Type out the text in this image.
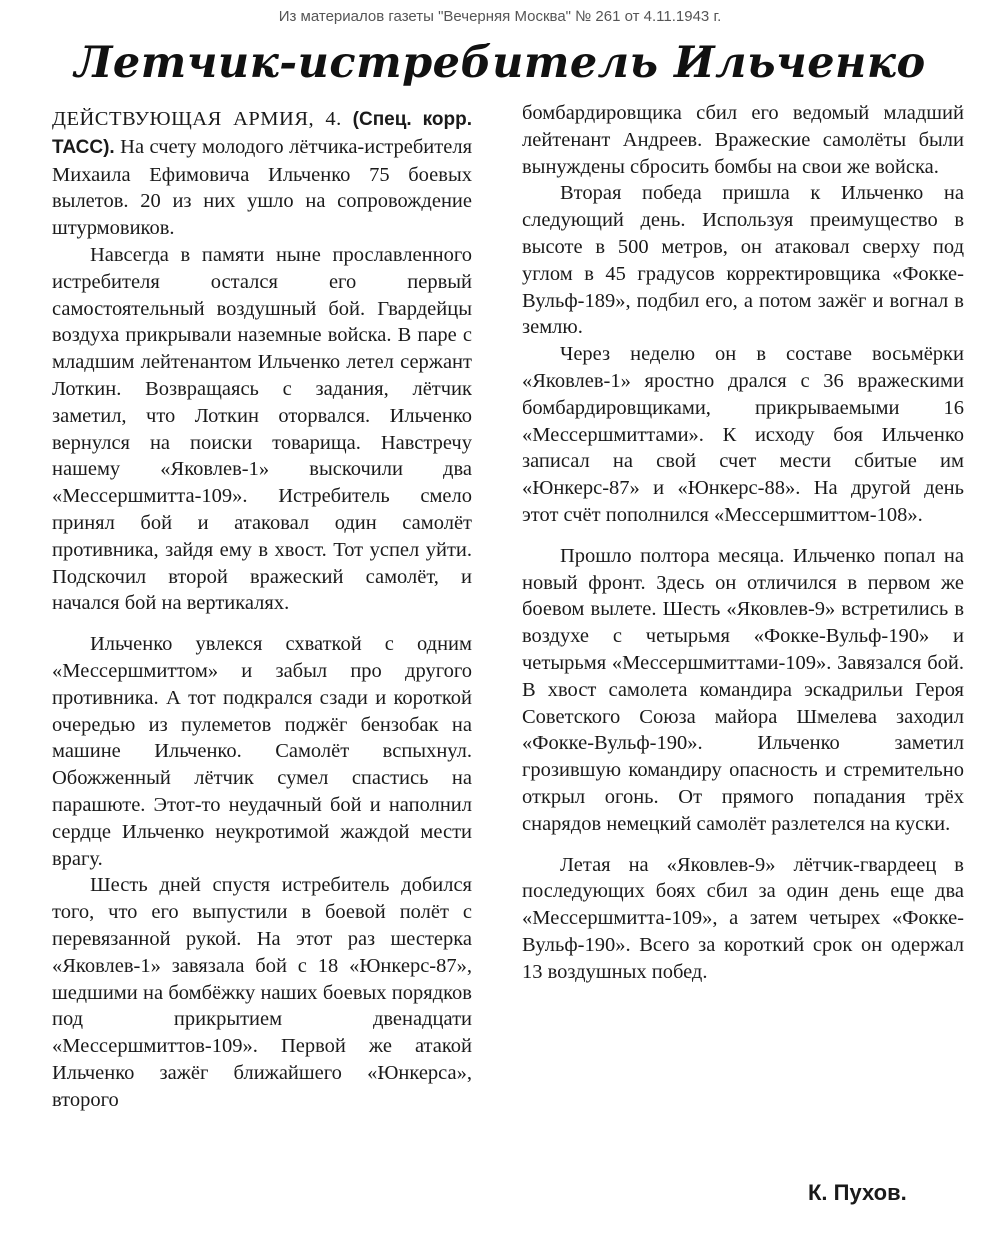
Из материалов газеты "Вечерняя Москва" № 261 от 4.11.1943 г.
Летчик-истребитель Ильченко

ДЕЙСТВУЮЩАЯ АРМИЯ, 4. (Спец. корр. ТАСС). На счету молодого лётчика-истребителя Михаила Ефимовича Ильченко 75 боевых вылетов. 20 из них ушло на сопровождение штурмовиков.

Навсегда в памяти ныне прославленного истребителя остался его первый самостоятельный воздушный бой. Гвардейцы воздуха прикрывали наземные войска. В паре с младшим лейтенантом Ильченко летел сержант Лоткин. Возвращаясь с задания, лётчик заметил, что Лоткин оторвался. Ильченко вернулся на поиски товарища. Навстречу нашему «Яковлев-1» выскочили два «Мессершмитта-109». Истребитель смело принял бой и атаковал один самолёт противника, зайдя ему в хвост. Тот успел уйти. Подскочил второй вражеский самолёт, и начался бой на вертикалях.

Ильченко увлекся схваткой с одним «Мессершмиттом» и забыл про другого противника. А тот подкрался сзади и короткой очередью из пулеметов поджёг бензобак на машине Ильченко. Самолёт вспыхнул. Обожженный лётчик сумел спастись на парашюте. Этот-то неудачный бой и наполнил сердце Ильченко неукротимой жаждой мести врагу.

Шесть дней спустя истребитель добился того, что его выпустили в боевой полёт с перевязанной рукой. На этот раз шестерка «Яковлев-1» завязала бой с 18 «Юнкерс-87», шедшими на бомбёжку наших боевых порядков под прикрытием двенадцати «Мессершмиттов-109». Первой же атакой Ильченко зажёг ближайшего «Юнкерса», второго

бомбардировщика сбил его ведомый младший лейтенант Андреев. Вражеские самолёты были вынуждены сбросить бомбы на свои же войска.

Вторая победа пришла к Ильченко на следующий день. Используя преимущество в высоте в 500 метров, он атаковал сверху под углом в 45 градусов корректировщика «Фокке-Вульф-189», подбил его, а потом зажёг и вогнал в землю.

Через неделю он в составе восьмёрки «Яковлев-1» яростно дрался с 36 вражескими бомбардировщиками, прикрываемыми 16 «Мессершмиттами». К исходу боя Ильченко записал на свой счет мести сбитые им «Юнкерс-87» и «Юнкерс-88». На другой день этот счёт пополнился «Мессершмиттом-108».

Прошло полтора месяца. Ильченко попал на новый фронт. Здесь он отличился в первом же боевом вылете. Шесть «Яковлев-9» встретились в воздухе с четырьмя «Фокке-Вульф-190» и четырьмя «Мессершмиттами-109». Завязался бой. В хвост самолета командира эскадрильи Героя Советского Союза майора Шмелева заходил «Фокке-Вульф-190». Ильченко заметил грозившую командиру опасность и стремительно открыл огонь. От прямого попадания трёх снарядов немецкий самолёт разлетелся на куски.

Летая на «Яковлев-9» лётчик-гвардеец в последующих боях сбил за один день еще два «Мессершмитта-109», а затем четырех «Фокке-Вульф-190». Всего за короткий срок он одержал 13 воздушных побед.

К. Пухов.
